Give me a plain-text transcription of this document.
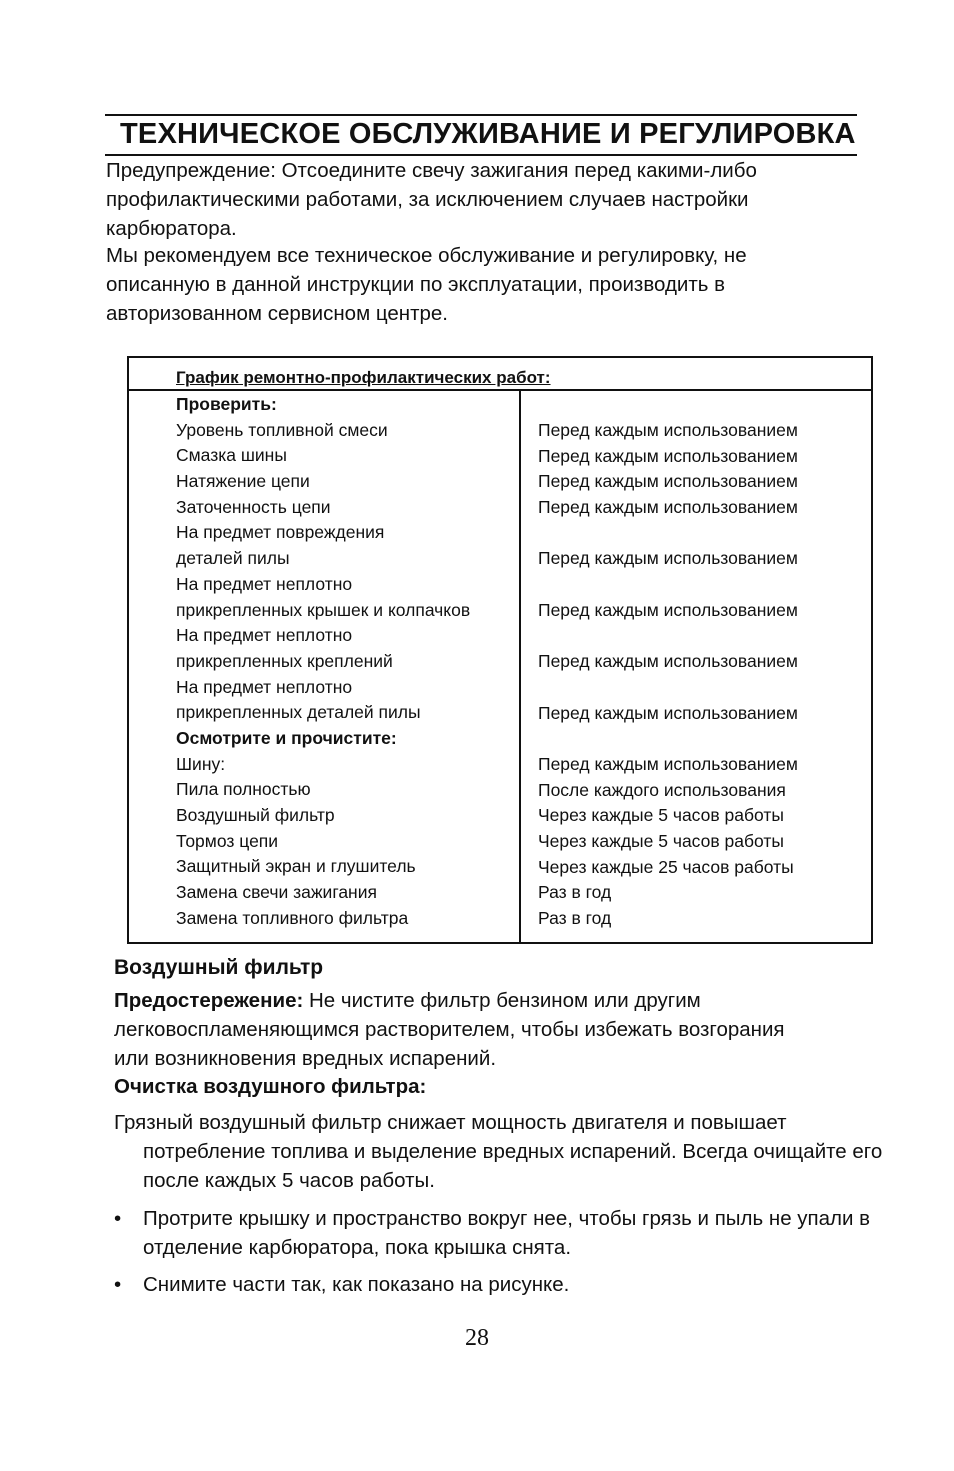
ТЕХНИЧЕСКОЕ ОБСЛУЖИВАНИЕ И РЕГУЛИРОВКА

Предупреждение: Отсоедините свечу зажигания перед какими-либо
профилактическими работами, за исключением случаев настройки
карбюратора.

Мы рекомендуем все техническое обслуживание и регулировку, не
описанную в данной инструкции по эксплуатации, производить в
авторизованном сервисном центре.

График ремонтно-профилактических работ:
Проверить:
Уровень топливной смеси
Смазка шины
Натяжение цепи
Заточенность цепи
На предмет повреждения
деталей пилы
На предмет неплотно
прикрепленных крышек и колпачков
На предмет неплотно
прикрепленных креплений
На предмет неплотно
прикрепленных деталей пилы
Осмотрите и прочистите:
Шину:
Пила полностью
Воздушный фильтр
Тормоз цепи
Защитный экран и глушитель
Замена свечи зажигания
Замена топливного фильтра
Перед каждым использованием
Перед каждым использованием
Перед каждым использованием
Перед каждым использованием
Перед каждым использованием
Перед каждым использованием
Перед каждым использованием
Перед каждым использованием
Перед каждым использованием
После каждого использования
Через каждые 5 часов работы
Через каждые 5 часов работы
Через каждые 25 часов работы
Раз в год
Раз в год
Воздушный фильтр

Предостережение: Не чистите фильтр бензином или другим
легковоспламеняющимся растворителем, чтобы избежать возгорания
или возникновения вредных испарений.

Очистка воздушного фильтра:

Грязный воздушный фильтр снижает мощность двигателя и повышает потребление топлива и выделение вредных испарений. Всегда очищайте его после каждых 5 часов работы.

• Протрите крышку и пространство вокруг нее, чтобы грязь и пыль не упали в отделение карбюратора, пока крышка снята.
• Снимите части так, как показано на рисунке.
28
